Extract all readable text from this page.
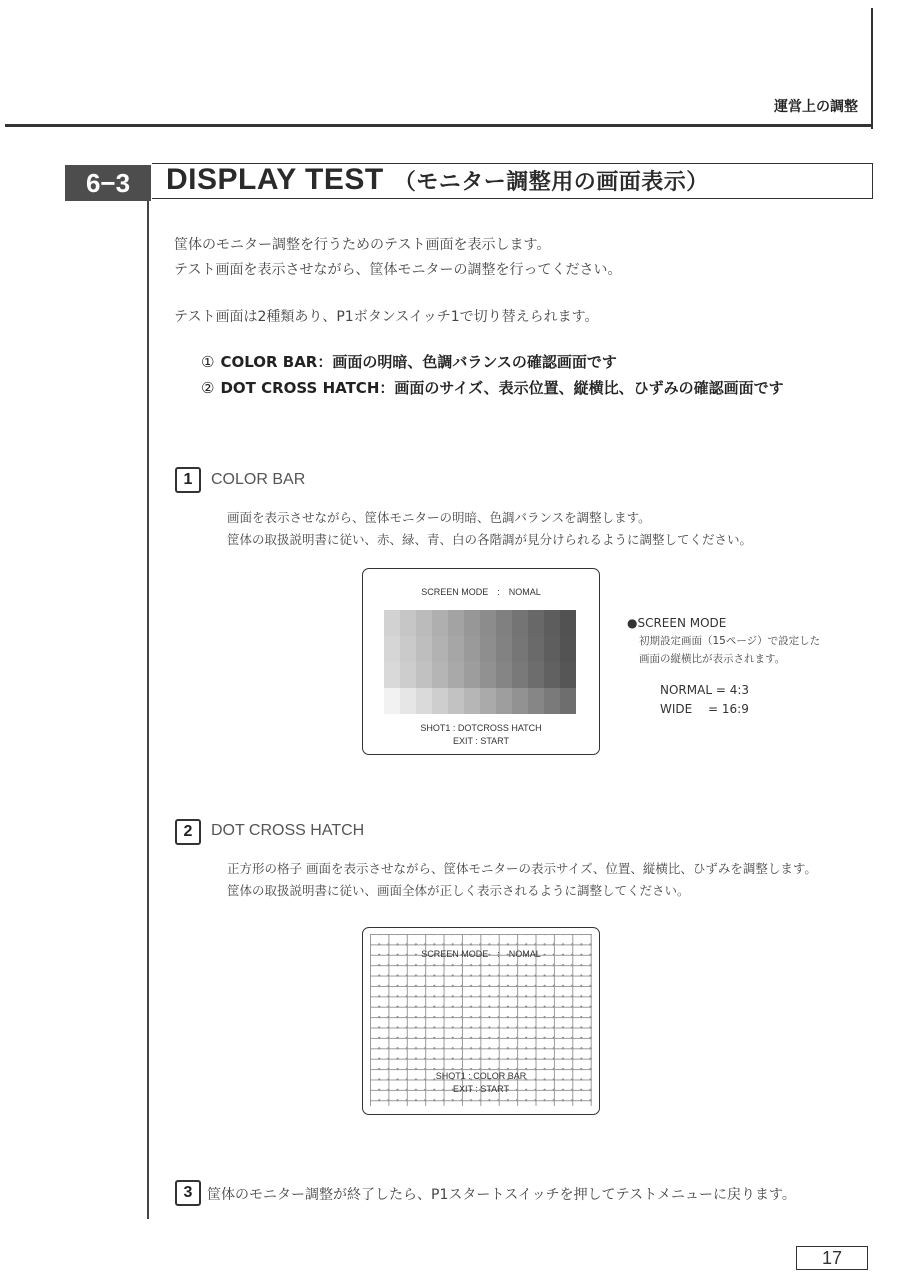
運営上の調整
6−3	DISPLAY TEST （モニター調整用の画面表示）

筐体のモニター調整を行うためのテスト画面を表示します。

テスト画面を表示させながら、筐体モニターの調整を行ってください。

テスト画面は2種類あり、P1ボタンスイッチ1で切り替えられます。

① COLOR BAR：画面の明暗、色調バランスの確認画面です

② DOT CROSS HATCH：画面のサイズ、表示位置、縦横比、ひずみの確認画面です

1	COLOR BAR

画面を表示させながら、筐体モニターの明暗、色調バランスを調整します。

筐体の取扱説明書に従い、赤、緑、青、白の各階調が見分けられるように調整してください。

SCREEN MODE　:　NOMAL
SHOT1 : DOTCROSS HATCH
EXIT : START
●SCREEN MODE
初期設定画面（15ページ）で設定した
画面の縦横比が表示されます。
NORMAL = 4:3
WIDE　 = 16:9
2	DOT CROSS HATCH

正方形の格子 画面を表示させながら、筐体モニターの表示サイズ、位置、縦横比、ひずみを調整します。

筐体の取扱説明書に従い、画面全体が正しく表示されるように調整してください。

SCREEN MODE　:　NOMAL
SHOT1 : COLOR BAR
EXIT : START
3	筐体のモニター調整が終了したら、P1スタートスイッチを押してテストメニューに戻ります。

17
